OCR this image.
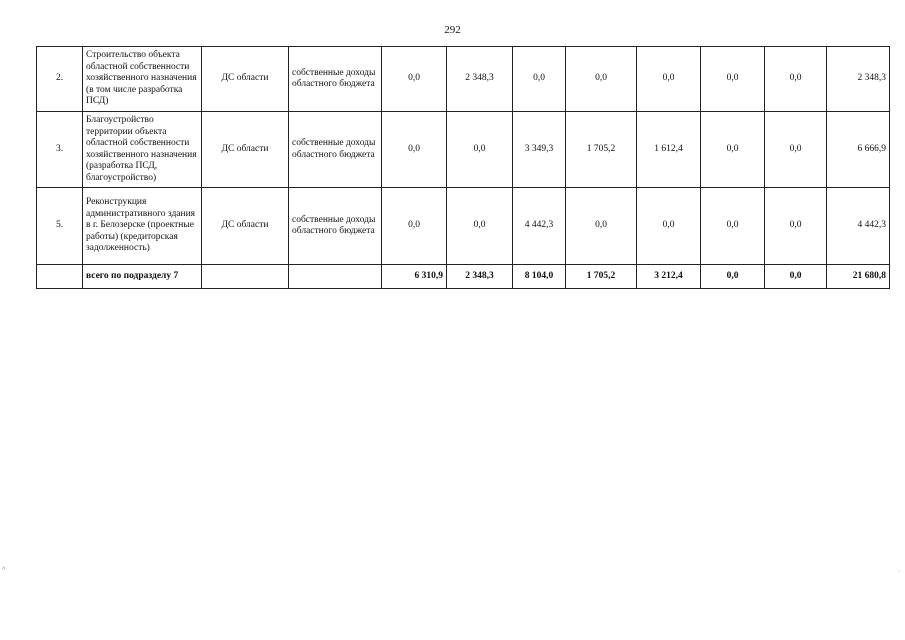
292
2.	Строительство объекта областной собственности хозяйственного назначения (в том числе разработка ПСД)	ДС области	собственные доходы областного бюджета	0,0	2 348,3	0,0	0,0	0,0	0,0	0,0	2 348,3
3.	Благоустройство территории объекта областной собственности хозяйственного назначения (разработка ПСД, благоустройство)	ДС области	собственные доходы областного бюджета	0,0	0,0	3 349,3	1 705,2	1 612,4	0,0	0,0	6 666,9
5.	Реконструкция административного здания в г. Белозерске (проектные работы) (кредиторская задолженность)	ДС области	собственные доходы областного бюджета	0,0	0,0	4 442,3	0,0	0,0	0,0	0,0	4 442,3
	всего по подразделу 7			6 310,9	2 348,3	8 104,0	1 705,2	3 212,4	0,0	0,0	21 680,8
˄	ˌ
